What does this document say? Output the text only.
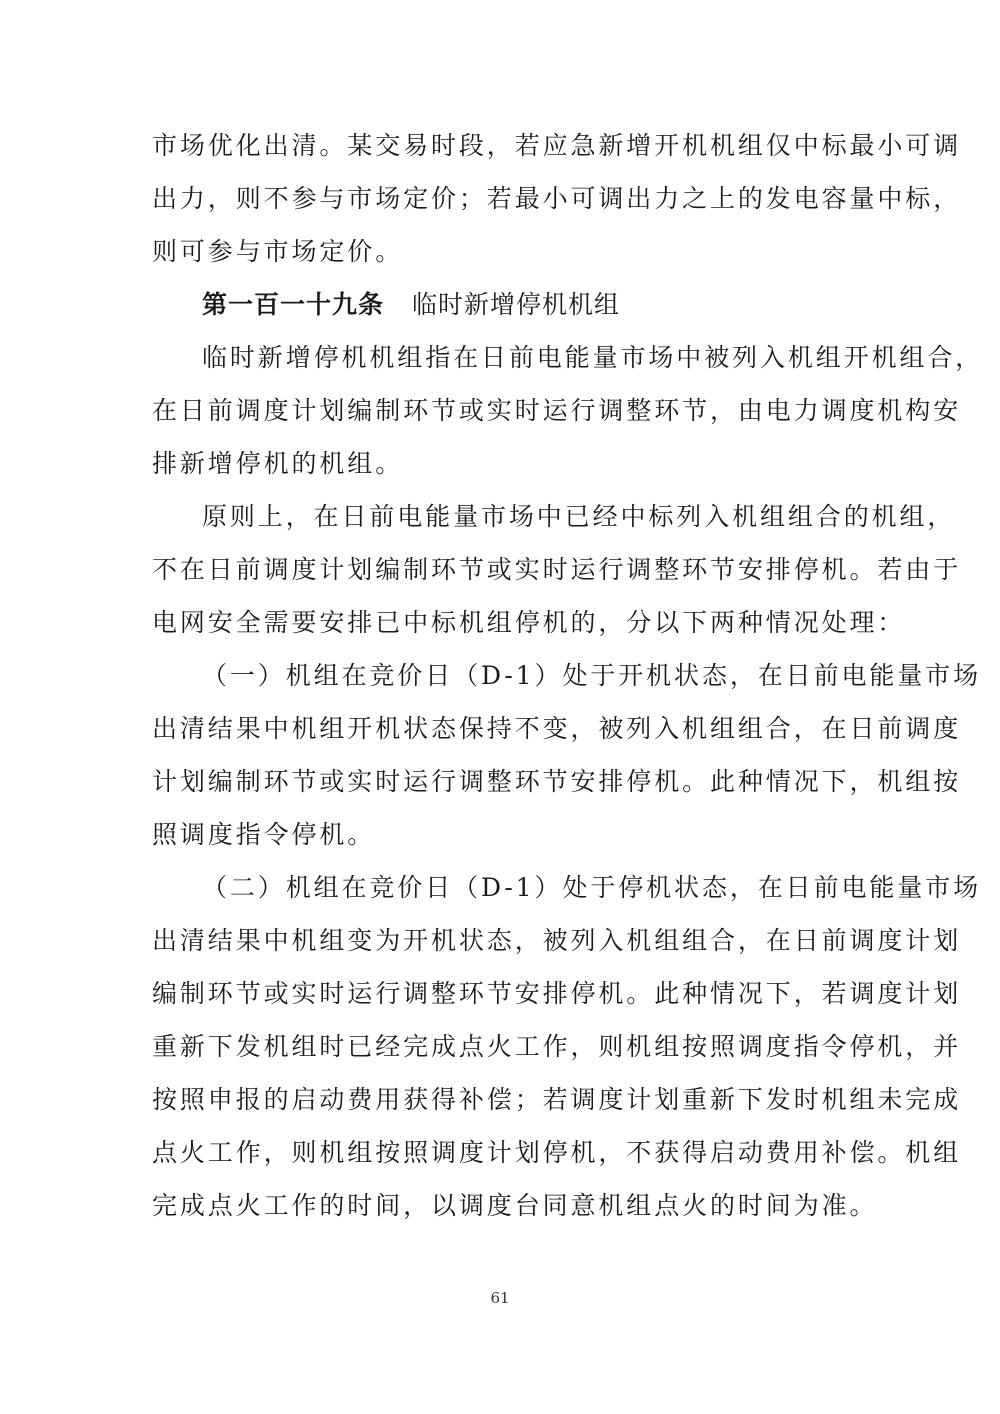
市场优化出清。某交易时段，若应急新增开机机组仅中标最小可调
出力，则不参与市场定价；若最小可调出力之上的发电容量中标，
则可参与市场定价。
第一百一十九条 临时新增停机机组
临时新增停机机组指在日前电能量市场中被列入机组开机组合，
在日前调度计划编制环节或实时运行调整环节，由电力调度机构安
排新增停机的机组。
原则上，在日前电能量市场中已经中标列入机组组合的机组，
不在日前调度计划编制环节或实时运行调整环节安排停机。若由于
电网安全需要安排已中标机组停机的，分以下两种情况处理：
（一）机组在竞价日（D-1）处于开机状态，在日前电能量市场
出清结果中机组开机状态保持不变，被列入机组组合，在日前调度
计划编制环节或实时运行调整环节安排停机。此种情况下，机组按
照调度指令停机。
（二）机组在竞价日（D-1）处于停机状态，在日前电能量市场
出清结果中机组变为开机状态，被列入机组组合，在日前调度计划
编制环节或实时运行调整环节安排停机。此种情况下，若调度计划
重新下发机组时已经完成点火工作，则机组按照调度指令停机，并
按照申报的启动费用获得补偿；若调度计划重新下发时机组未完成
点火工作，则机组按照调度计划停机，不获得启动费用补偿。机组
完成点火工作的时间，以调度台同意机组点火的时间为准。
61
